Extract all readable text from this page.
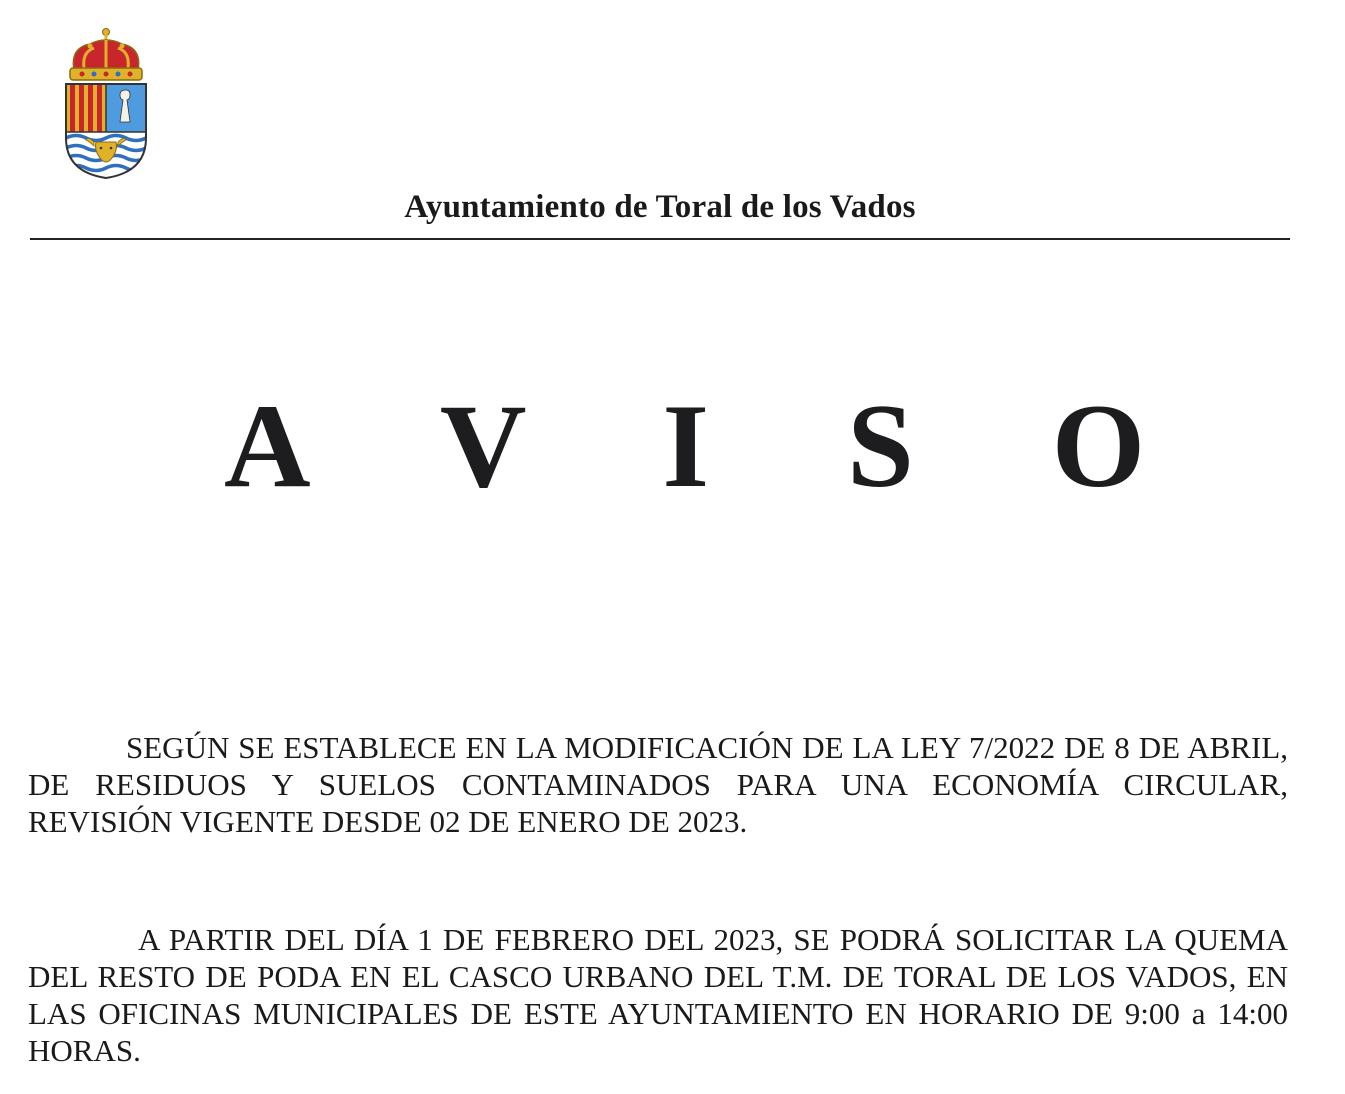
Ayuntamiento de Toral de los Vados
A V I S O

SEGÚN SE ESTABLECE EN LA MODIFICACIÓN DE LA LEY 7/2022 DE 8 DE ABRIL, DE RESIDUOS Y SUELOS CONTAMINADOS PARA UNA ECONOMÍA CIRCULAR, REVISIÓN VIGENTE DESDE 02 DE ENERO DE 2023.

A PARTIR DEL DÍA 1 DE FEBRERO DEL 2023, SE PODRÁ SOLICITAR LA QUEMA DEL RESTO DE PODA EN EL CASCO URBANO DEL T.M. DE TORAL DE LOS VADOS, EN LAS OFICINAS MUNICIPALES DE ESTE AYUNTAMIENTO EN HORARIO DE 9:00 a 14:00 HORAS.
